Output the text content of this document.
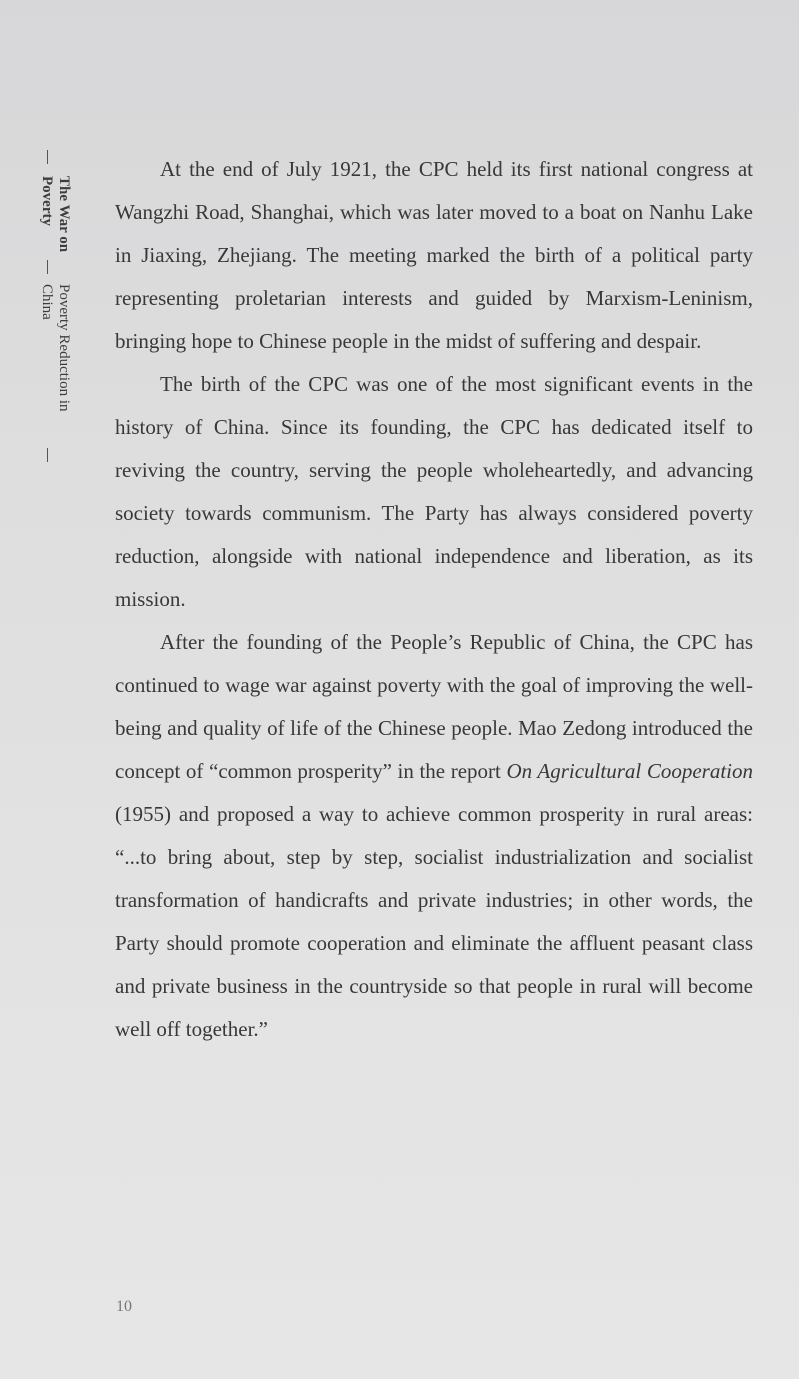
The War on Poverty
Poverty Reduction in China

At the end of July 1921, the CPC held its first national congress at Wangzhi Road, Shanghai, which was later moved to a boat on Nanhu Lake in Jiaxing, Zhejiang. The meeting marked the birth of a political party representing proletarian interests and guided by Marxism-Leninism, bringing hope to Chinese people in the midst of suffering and despair.

The birth of the CPC was one of the most significant events in the history of China. Since its founding, the CPC has dedicated itself to reviving the country, serving the people wholeheartedly, and advancing society towards communism. The Party has always considered poverty reduction, alongside with national independence and liberation, as its mission.

After the founding of the People’s Republic of China, the CPC has continued to wage war against poverty with the goal of improving the well-being and quality of life of the Chinese people. Mao Zedong introduced the concept of “common prosperity” in the report On Agricultural Cooperation (1955) and proposed a way to achieve common prosperity in rural areas: “...to bring about, step by step, socialist industrialization and socialist transformation of handicrafts and private industries; in other words, the Party should promote cooperation and eliminate the affluent peasant class and private business in the countryside so that people in rural will become well off together.”

10
